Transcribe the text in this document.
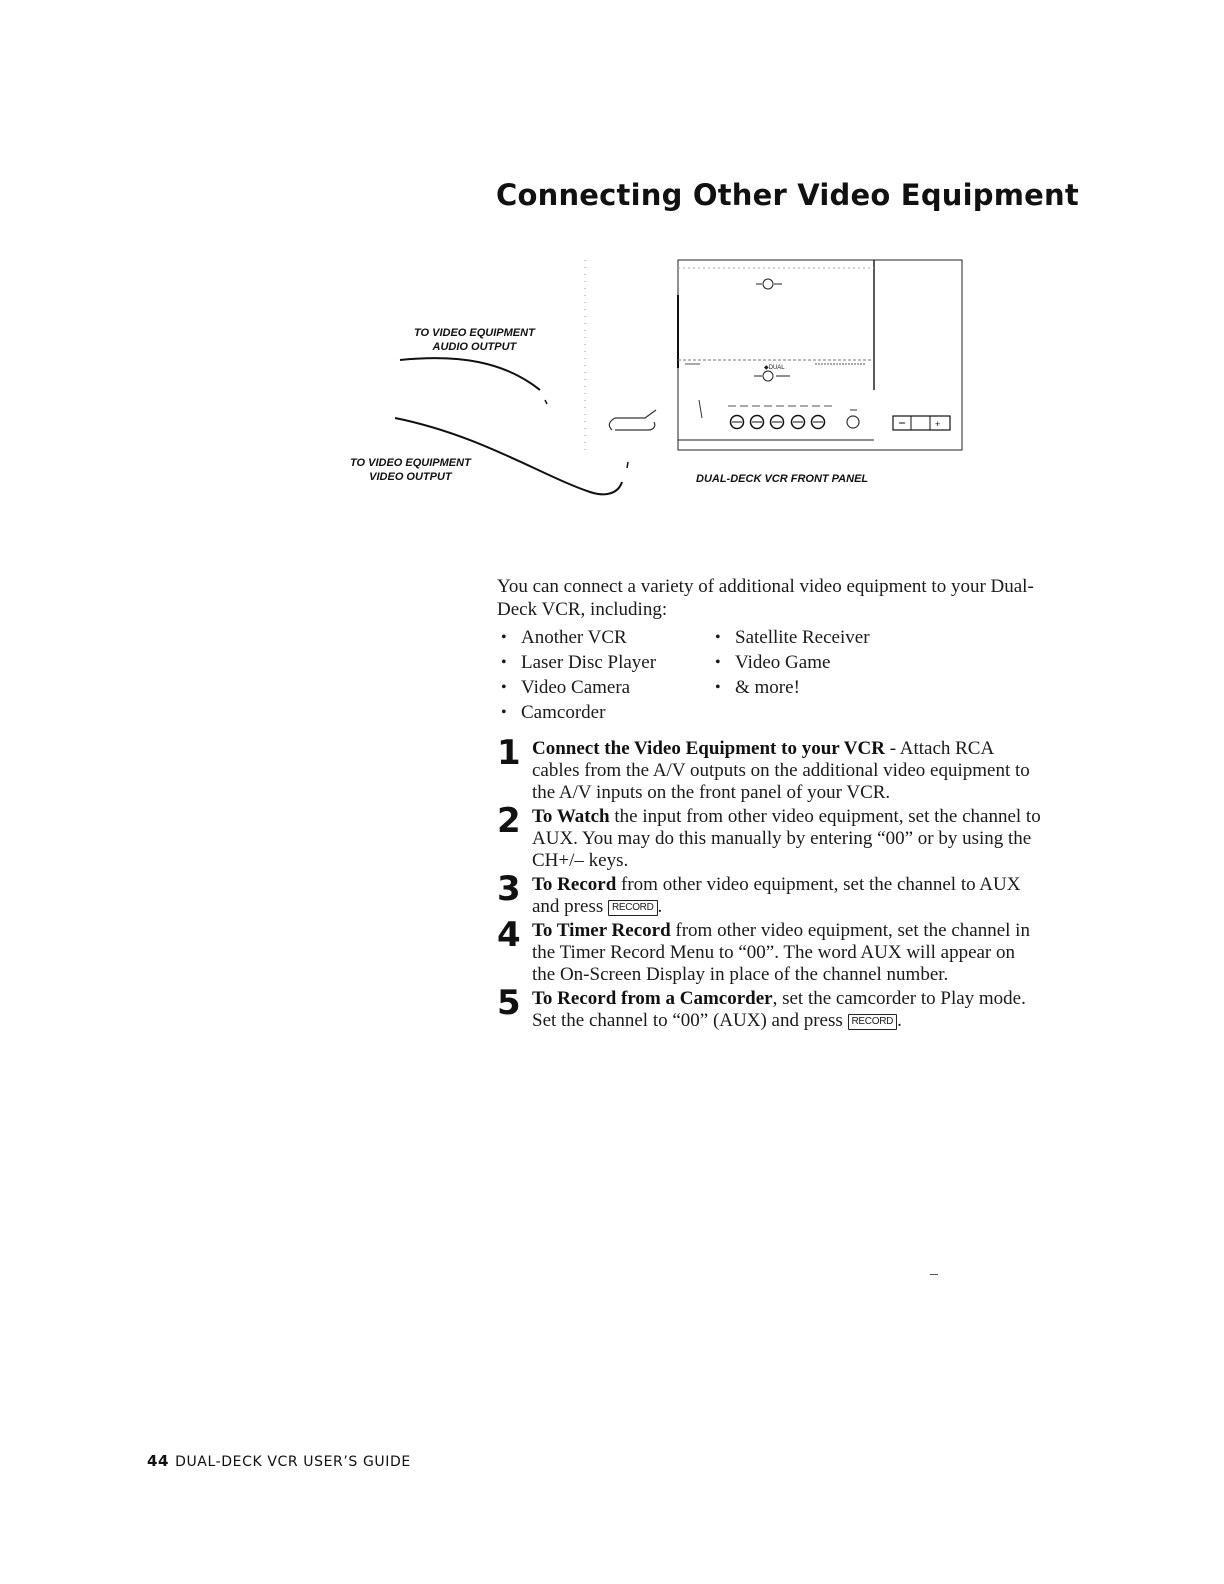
Connecting Other Video Equipment
◆DUAL
+
TO VIDEO EQUIPMENT
AUDIO OUTPUT
TO VIDEO EQUIPMENT
VIDEO OUTPUT	DUAL-DECK VCR FRONT PANEL

You can connect a variety of additional video equipment to your Dual-Deck VCR, including:

• Another VCR	• Satellite Receiver
• Laser Disc Player	• Video Game
• Video Camera	• & more!
• Camcorder
1 Connect the Video Equipment to your VCR - Attach RCA cables from the A/V outputs on the additional video equipment to the A/V inputs on the front panel of your VCR.
2 To Watch the input from other video equipment, set the channel to AUX. You may do this manually by entering “00” or by using the CH+/– keys.
3 To Record from other video equipment, set the channel to AUX and press RECORD .
4 To Timer Record from other video equipment, set the channel in the Timer Record Menu to “00”. The word AUX will appear on the On-Screen Display in place of the channel number.
5 To Record from a Camcorder, set the camcorder to Play mode. Set the channel to “00” (AUX) and press RECORD .
44 DUAL-DECK VCR USER’S GUIDE
